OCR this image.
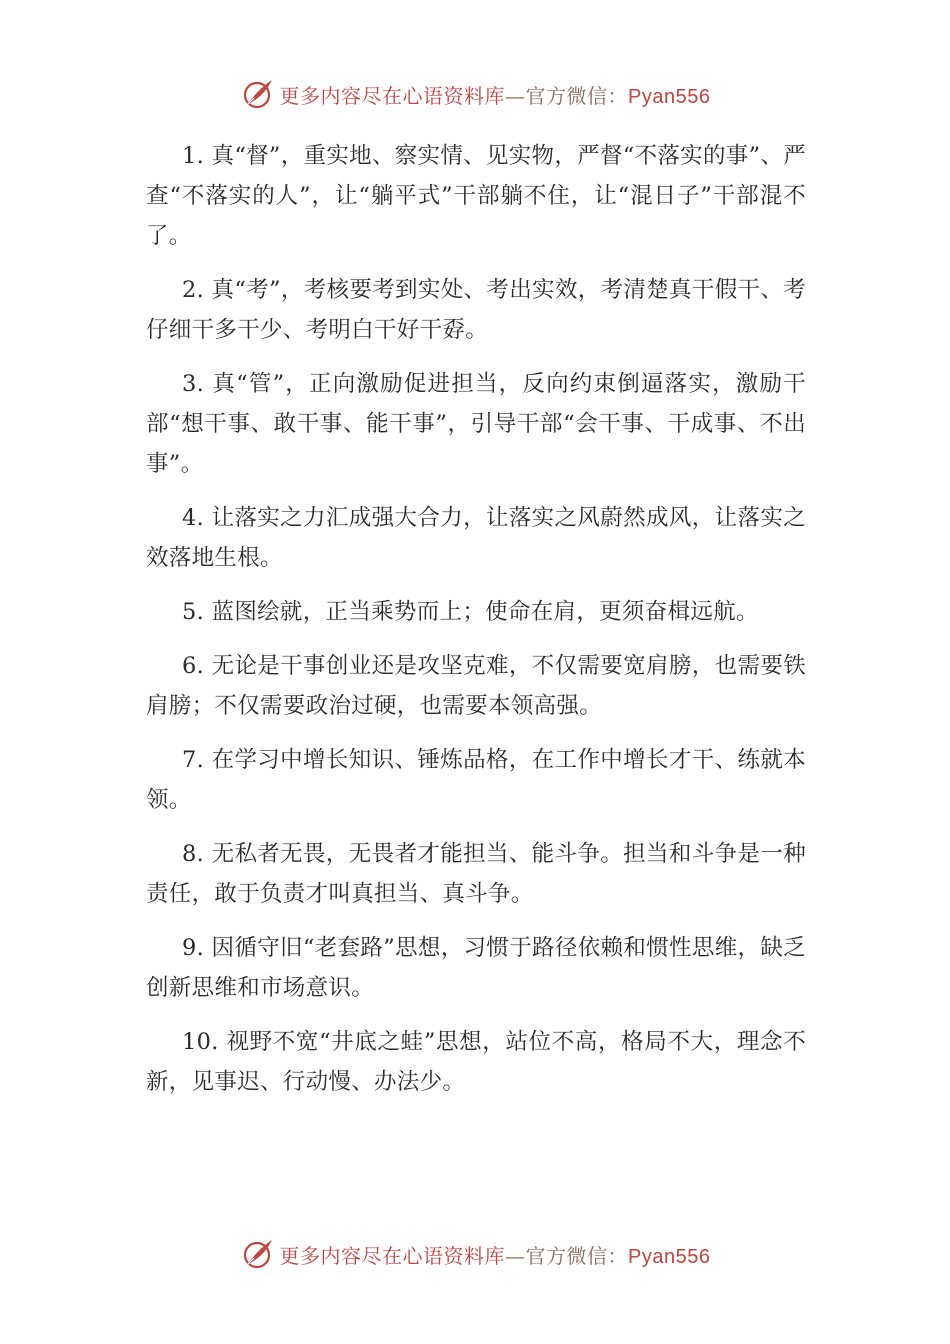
更多内容尽在心语资料库—官方微信：Pyan556

1. 真“督”，重实地、察实情、见实物，严督“不落实的事”、严查“不落实的人”，让“躺平式”干部躺不住，让“混日子”干部混不了。

2. 真“考”，考核要考到实处、考出实效，考清楚真干假干、考仔细干多干少、考明白干好干孬。

3. 真“管”，正向激励促进担当，反向约束倒逼落实，激励干部“想干事、敢干事、能干事”，引导干部“会干事、干成事、不出事”。

4. 让落实之力汇成强大合力，让落实之风蔚然成风，让落实之效落地生根。

5. 蓝图绘就，正当乘势而上；使命在肩，更须奋楫远航。

6. 无论是干事创业还是攻坚克难，不仅需要宽肩膀，也需要铁肩膀；不仅需要政治过硬，也需要本领高强。

7. 在学习中增长知识、锤炼品格，在工作中增长才干、练就本领。

8. 无私者无畏，无畏者才能担当、能斗争。担当和斗争是一种责任，敢于负责才叫真担当、真斗争。

9. 因循守旧“老套路”思想，习惯于路径依赖和惯性思维，缺乏创新思维和市场意识。

10. 视野不宽“井底之蛙”思想，站位不高，格局不大，理念不新，见事迟、行动慢、办法少。

更多内容尽在心语资料库—官方微信：Pyan556
